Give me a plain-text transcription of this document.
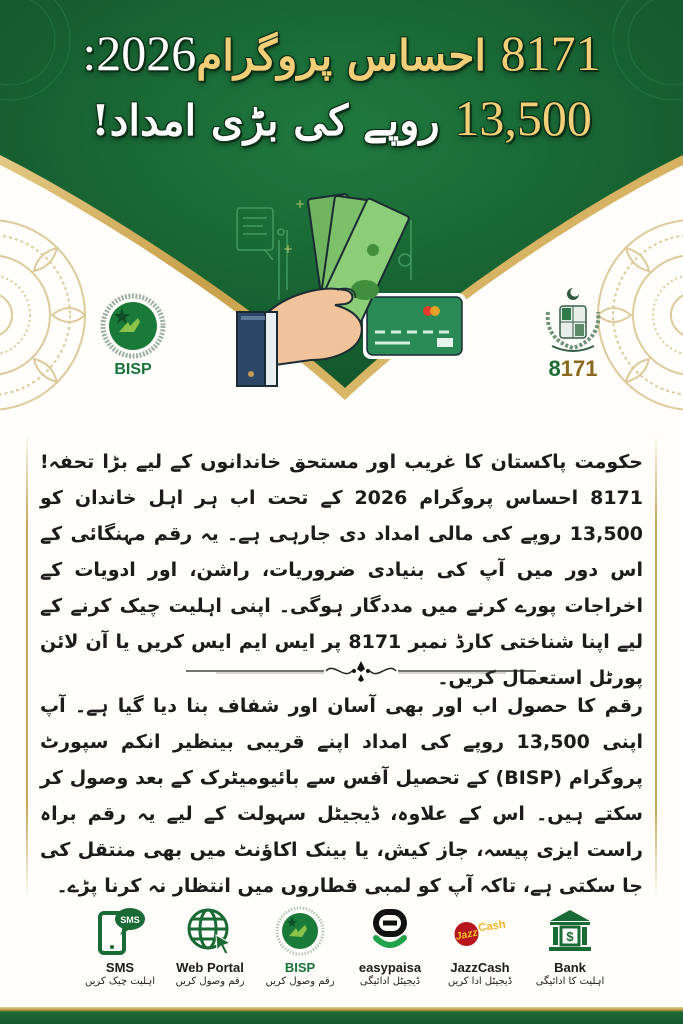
8171 احساس پروگرام2026:
13,500 روپے کی بڑی امداد!
+
+
BISP	8171

حکومت پاکستان کا غریب اور مستحق خاندانوں کے لیے بڑا تحفہ! 8171 احساس پروگرام 2026 کے تحت اب ہر اہل خاندان کو 13,500 روپے کی مالی امداد دی جارہی ہے۔ یہ رقم مہنگائی کے اس دور میں آپ کی بنیادی ضروریات، راشن، اور ادویات کے اخراجات پورے کرنے میں مددگار ہوگی۔ اپنی اہلیت چیک کرنے کے لیے اپنا شناختی کارڈ نمبر 8171 پر ایس ایم ایس کریں یا آن لائن پورٹل استعمال کریں۔

رقم کا حصول اب اور بھی آسان اور شفاف بنا دیا گیا ہے۔ آپ اپنی 13,500 روپے کی امداد اپنے قریبی بینظیر انکم سپورٹ پروگرام (BISP) کے تحصیل آفس سے بائیومیٹرک کے بعد وصول کر سکتے ہیں۔ اس کے علاوہ، ڈیجیٹل سہولت کے لیے یہ رقم براہ راست ایزی پیسہ، جاز کیش، یا بینک اکاؤنٹ میں بھی منتقل کی جا سکتی ہے، تاکہ آپ کو لمبی قطاروں میں انتظار نہ کرنا پڑے۔

SMS
SMS
اہلیت چیک کریں
Web Portal
رقم وصول کریں
BISP
رقم وصول کریں
easypaisa
ڈیجیٹل ادائیگی
Jazz
Cash
JazzCash
ڈیجیٹل ادا کریں
$
Bank
اہلیت کا ادائیگی
